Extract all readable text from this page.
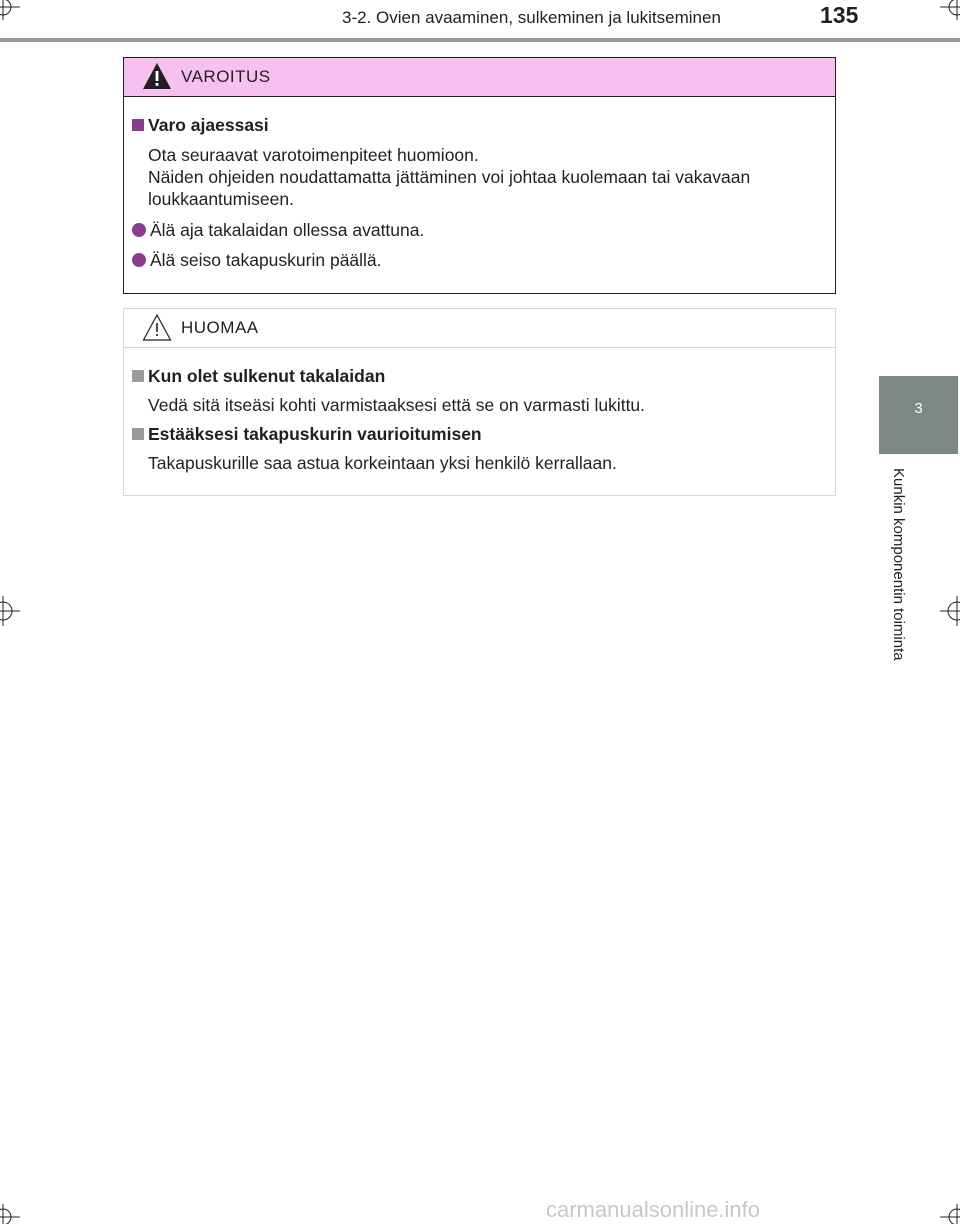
3-2. Ovien avaaminen, sulkeminen ja lukitseminen	135
3
Kunkin komponentin toiminta
VAROITUS
Varo ajaessasi
Ota seuraavat varotoimenpiteet huomioon.
Näiden ohjeiden noudattamatta jättäminen voi johtaa kuolemaan tai vakavaan
loukkaantumiseen.
Älä aja takalaidan ollessa avattuna.
Älä seiso takapuskurin päällä.
HUOMAA
Kun olet sulkenut takalaidan
Vedä sitä itseäsi kohti varmistaaksesi että se on varmasti lukittu.
Estääksesi takapuskurin vaurioitumisen
Takapuskurille saa astua korkeintaan yksi henkilö kerrallaan.
carmanualsonline.info
